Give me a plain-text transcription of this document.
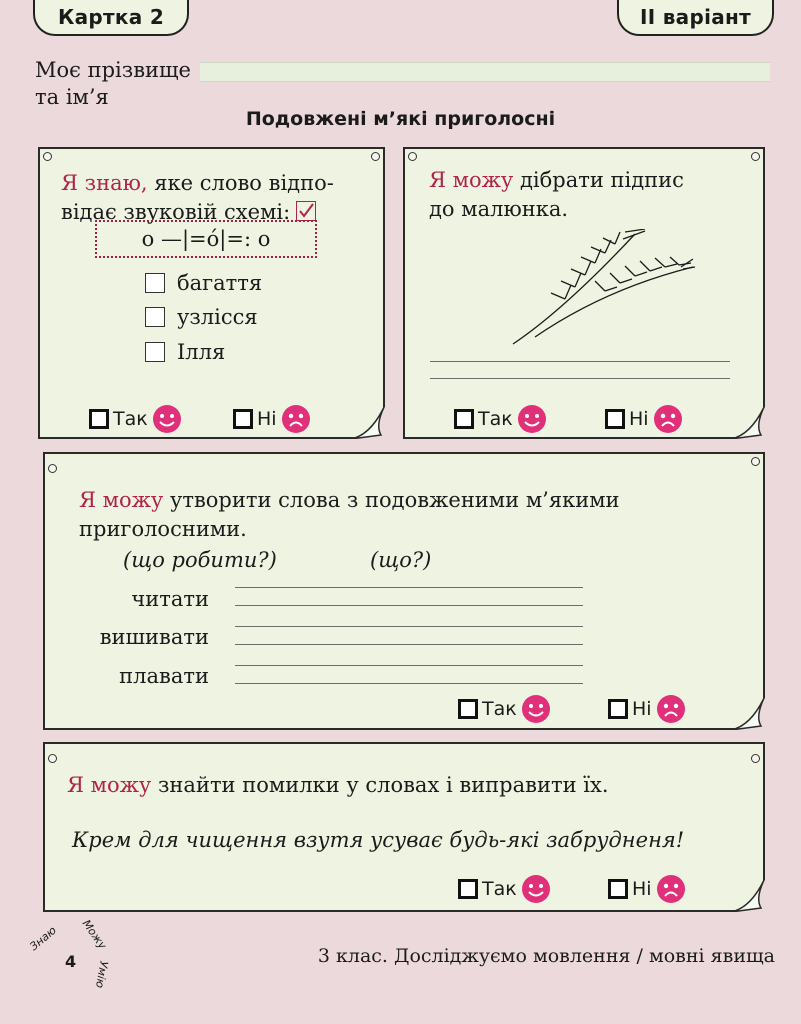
Картка 2	ІІ варіант
Моє прізвище
та ім’я
Подовжені м’які приголосні
Я знаю, яке слово відпо-
відає звуковій схемі:
о —|=о́|=: о
багаття
узлісся
Ілля
Так	Ні
Я можу дібрати підпис
до малюнка.
Так	Ні
Я можу утворити слова з подовженими м’якими
приголосними.
(що робити?)	(що?)
читати
вишивати
плавати
Так	Ні
Я можу знайти помилки у словах і виправити їх.
Крем для чищення взутя усуває будь-які забрудненя!
Так	Ні
Знаю Можу
Умію
4	3 клас. Досліджуємо мовлення / мовні явища
